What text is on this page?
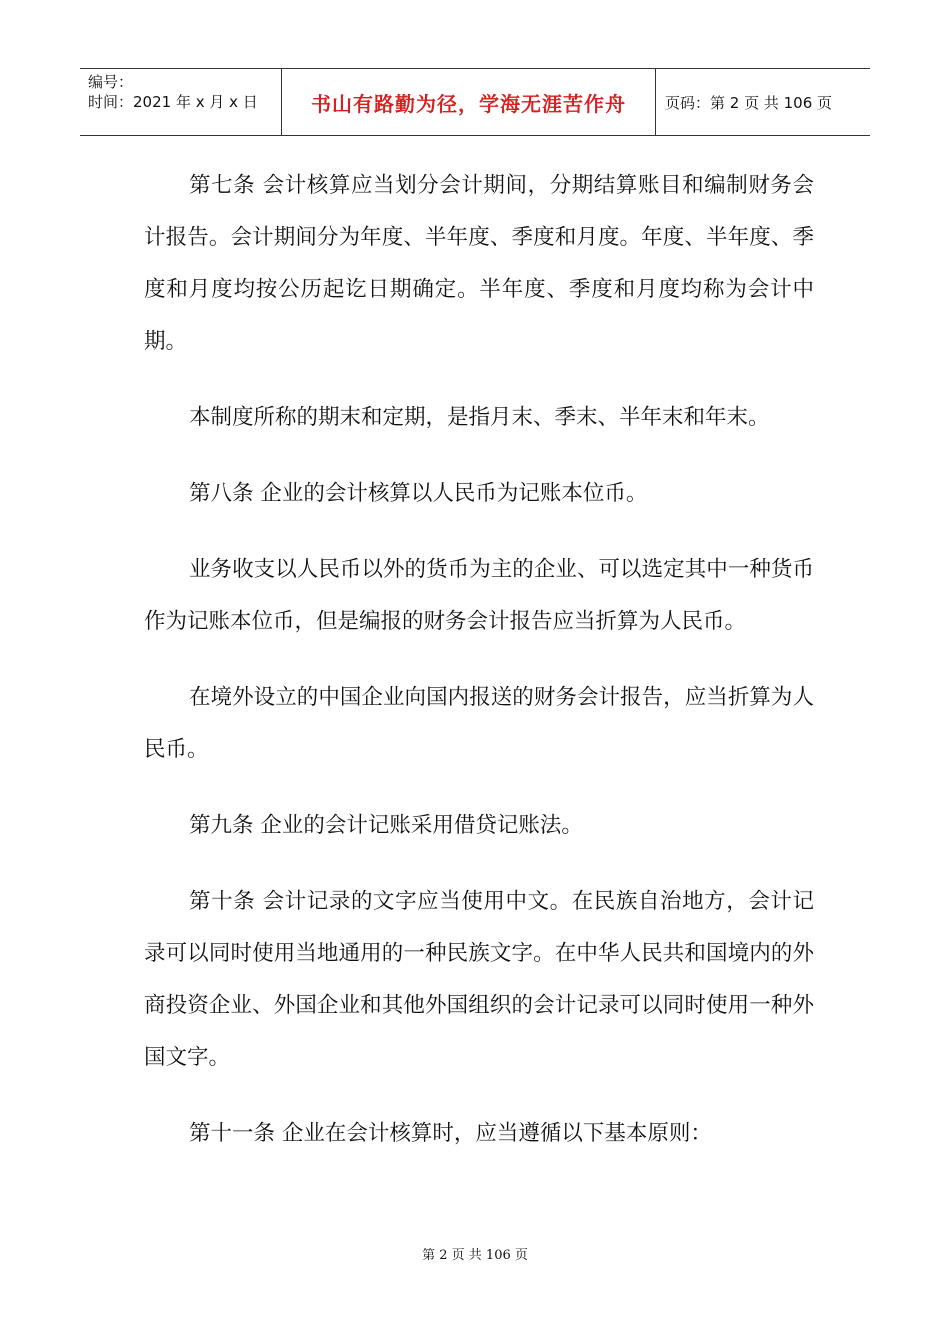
编号：
时间：2021 年 x 月 x 日	书山有路勤为径，学海无涯苦作舟	页码：第 2 页 共 106 页

第七条 会计核算应当划分会计期间，分期结算账目和编制财务会计报告。会计期间分为年度、半年度、季度和月度。年度、半年度、季度和月度均按公历起讫日期确定。半年度、季度和月度均称为会计中期。

本制度所称的期末和定期，是指月末、季末、半年末和年末。

第八条 企业的会计核算以人民币为记账本位币。

业务收支以人民币以外的货币为主的企业、可以选定其中一种货币作为记账本位币，但是编报的财务会计报告应当折算为人民币。

在境外设立的中国企业向国内报送的财务会计报告，应当折算为人民币。

第九条 企业的会计记账采用借贷记账法。

第十条 会计记录的文字应当使用中文。在民族自治地方，会计记录可以同时使用当地通用的一种民族文字。在中华人民共和国境内的外商投资企业、外国企业和其他外国组织的会计记录可以同时使用一种外国文字。

第十一条 企业在会计核算时，应当遵循以下基本原则：

第 2 页 共 106 页
